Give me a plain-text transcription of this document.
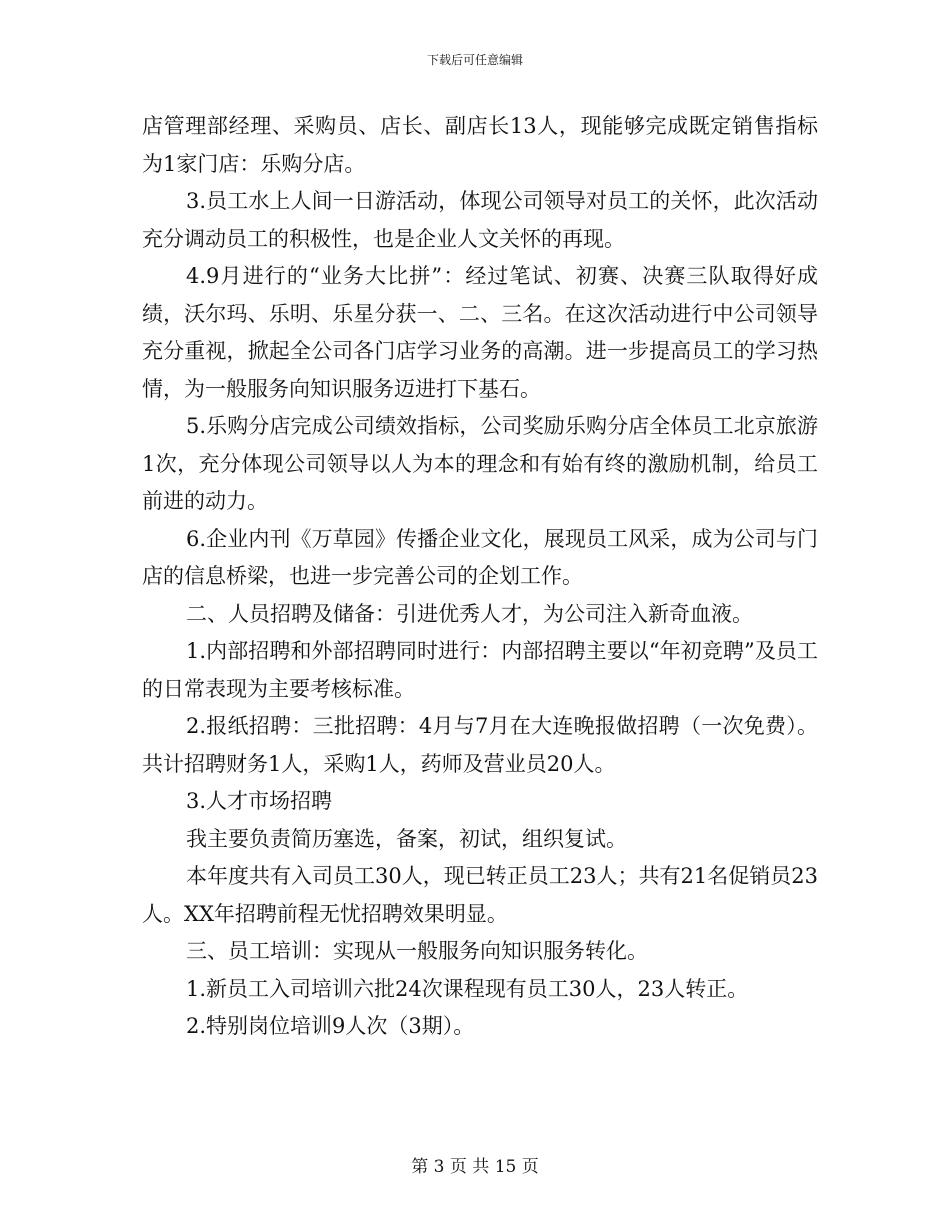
下载后可任意编辑

店管理部经理、采购员、店长、副店长13人，现能够完成既定销售指标为1家门店：乐购分店。

3.员工水上人间一日游活动，体现公司领导对员工的关怀，此次活动充分调动员工的积极性，也是企业人文关怀的再现。

4.9月进行的“业务大比拼”：经过笔试、初赛、决赛三队取得好成绩，沃尔玛、乐明、乐星分获一、二、三名。在这次活动进行中公司领导充分重视，掀起全公司各门店学习业务的高潮。进一步提高员工的学习热情，为一般服务向知识服务迈进打下基石。

5.乐购分店完成公司绩效指标，公司奖励乐购分店全体员工北京旅游1次，充分体现公司领导以人为本的理念和有始有终的激励机制，给员工前进的动力。

6.企业内刊《万草园》传播企业文化，展现员工风采，成为公司与门店的信息桥梁，也进一步完善公司的企划工作。

二、人员招聘及储备：引进优秀人才，为公司注入新奇血液。

1.内部招聘和外部招聘同时进行：内部招聘主要以“年初竞聘”及员工的日常表现为主要考核标准。

2.报纸招聘：三批招聘：4月与7月在大连晚报做招聘（一次免费）。共计招聘财务1人，采购1人，药师及营业员20人。

3.人才市场招聘

我主要负责简历塞选，备案，初试，组织复试。

本年度共有入司员工30人，现已转正员工23人；共有21名促销员23人。XX年招聘前程无忧招聘效果明显。

三、员工培训：实现从一般服务向知识服务转化。

1.新员工入司培训六批24次课程现有员工30人，23人转正。

2.特别岗位培训9人次（3期）。

第 3 页 共 15 页
